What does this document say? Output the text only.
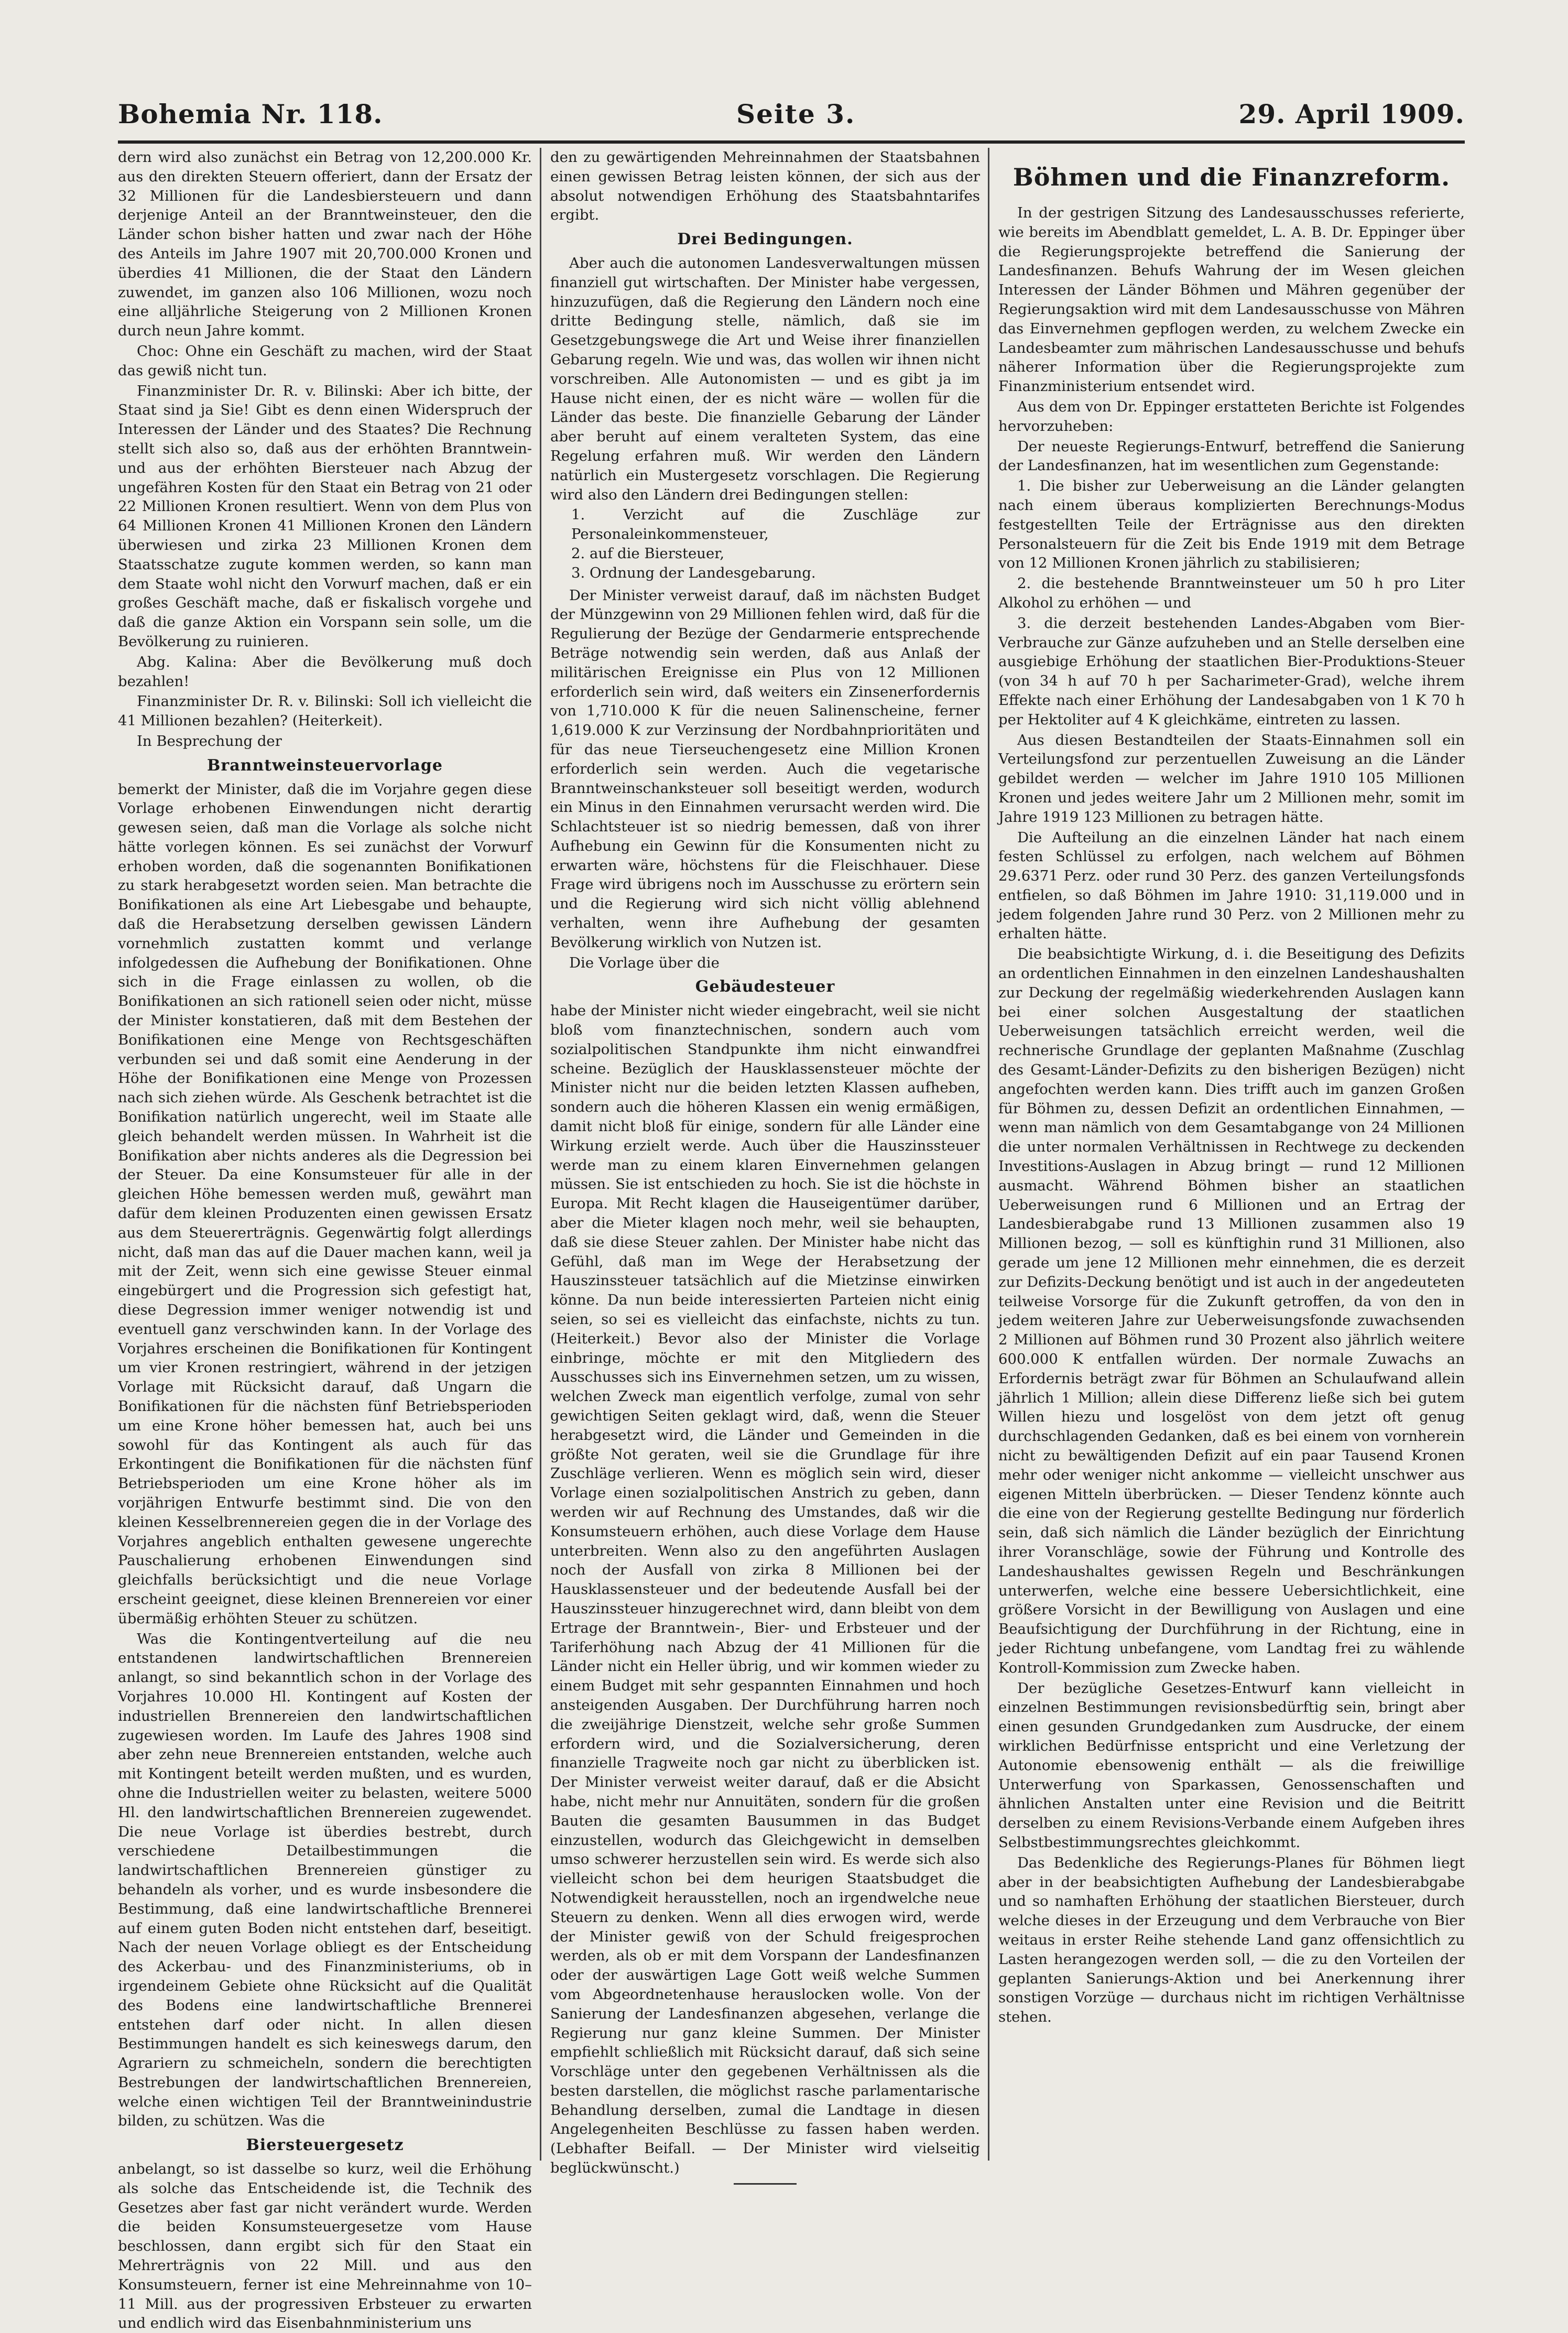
Bohemia Nr. 118.	Seite 3.	29. April 1909.

dern wird also zunächst ein Betrag von 12,200.000 Kr. aus den direkten Steuern offeriert, dann der Ersatz der 32 Millionen für die Landesbiersteuern und dann derjenige Anteil an der Branntweinsteuer, den die Länder schon bisher hatten und zwar nach der Höhe des Anteils im Jahre 1907 mit 20,700.000 Kronen und überdies 41 Millionen, die der Staat den Ländern zuwendet, im ganzen also 106 Millionen, wozu noch eine alljährliche Steigerung von 2 Millionen Kronen durch neun Jahre kommt.

Choc: Ohne ein Geschäft zu machen, wird der Staat das gewiß nicht tun.

Finanzminister Dr. R. v. Bilinski: Aber ich bitte, der Staat sind ja Sie! Gibt es denn einen Widerspruch der Interessen der Länder und des Staates? Die Rechnung stellt sich also so, daß aus der erhöhten Branntwein- und aus der erhöhten Biersteuer nach Abzug der ungefähren Kosten für den Staat ein Betrag von 21 oder 22 Millionen Kronen resultiert. Wenn von dem Plus von 64 Millionen Kronen 41 Millionen Kronen den Ländern überwiesen und zirka 23 Millionen Kronen dem Staatsschatze zugute kommen werden, so kann man dem Staate wohl nicht den Vorwurf machen, daß er ein großes Geschäft mache, daß er fiskalisch vorgehe und daß die ganze Aktion ein Vorspann sein solle, um die Bevölkerung zu ruinieren.

Abg. Kalina: Aber die Bevölkerung muß doch bezahlen!

Finanzminister Dr. R. v. Bilinski: Soll ich vielleicht die 41 Millionen bezahlen? (Heiterkeit).

In Besprechung der

Branntweinsteuervorlage

bemerkt der Minister, daß die im Vorjahre gegen diese Vorlage erhobenen Einwendungen nicht derartig gewesen seien, daß man die Vorlage als solche nicht hätte vorlegen können. Es sei zunächst der Vorwurf erhoben worden, daß die sogenannten Bonifikationen zu stark herabgesetzt worden seien. Man betrachte die Bonifikationen als eine Art Liebesgabe und behaupte, daß die Herabsetzung derselben gewissen Ländern vornehmlich zustatten kommt und verlange infolgedessen die Aufhebung der Bonifikationen. Ohne sich in die Frage einlassen zu wollen, ob die Bonifikationen an sich rationell seien oder nicht, müsse der Minister konstatieren, daß mit dem Bestehen der Bonifikationen eine Menge von Rechtsgeschäften verbunden sei und daß somit eine Aenderung in der Höhe der Bonifikationen eine Menge von Prozessen nach sich ziehen würde. Als Geschenk betrachtet ist die Bonifikation natürlich ungerecht, weil im Staate alle gleich behandelt werden müssen. In Wahrheit ist die Bonifikation aber nichts anderes als die Degression bei der Steuer. Da eine Konsumsteuer für alle in der gleichen Höhe bemessen werden muß, gewährt man dafür dem kleinen Produzenten einen gewissen Ersatz aus dem Steuererträgnis. Gegenwärtig folgt allerdings nicht, daß man das auf die Dauer machen kann, weil ja mit der Zeit, wenn sich eine gewisse Steuer einmal eingebürgert und die Progression sich gefestigt hat, diese Degression immer weniger notwendig ist und eventuell ganz verschwinden kann. In der Vorlage des Vorjahres erscheinen die Bonifikationen für Kontingent um vier Kronen restringiert, während in der jetzigen Vorlage mit Rücksicht darauf, daß Ungarn die Bonifikationen für die nächsten fünf Betriebsperioden um eine Krone höher bemessen hat, auch bei uns sowohl für das Kontingent als auch für das Erkontingent die Bonifikationen für die nächsten fünf Betriebsperioden um eine Krone höher als im vorjährigen Entwurfe bestimmt sind. Die von den kleinen Kesselbrennereien gegen die in der Vorlage des Vorjahres angeblich enthalten gewesene ungerechte Pauschalierung erhobenen Einwendungen sind gleichfalls berücksichtigt und die neue Vorlage erscheint geeignet, diese kleinen Brennereien vor einer übermäßig erhöhten Steuer zu schützen.

Was die Kontingentverteilung auf die neu entstandenen landwirtschaftlichen Brennereien anlangt, so sind bekanntlich schon in der Vorlage des Vorjahres 10.000 Hl. Kontingent auf Kosten der industriellen Brennereien den landwirtschaftlichen zugewiesen worden. Im Laufe des Jahres 1908 sind aber zehn neue Brennereien entstanden, welche auch mit Kontingent beteilt werden mußten, und es wurden, ohne die Industriellen weiter zu belasten, weitere 5000 Hl. den landwirtschaftlichen Brennereien zugewendet. Die neue Vorlage ist überdies bestrebt, durch verschiedene Detailbestimmungen die landwirtschaftlichen Brennereien günstiger zu behandeln als vorher, und es wurde insbesondere die Bestimmung, daß eine landwirtschaftliche Brennerei auf einem guten Boden nicht entstehen darf, beseitigt. Nach der neuen Vorlage obliegt es der Entscheidung des Ackerbau- und des Finanzministeriums, ob in irgendeinem Gebiete ohne Rücksicht auf die Qualität des Bodens eine landwirtschaftliche Brennerei entstehen darf oder nicht. In allen diesen Bestimmungen handelt es sich keineswegs darum, den Agrariern zu schmeicheln, sondern die berechtigten Bestrebungen der landwirtschaftlichen Brennereien, welche einen wichtigen Teil der Branntweinindustrie bilden, zu schützen. Was die

Biersteuergesetz

anbelangt, so ist dasselbe so kurz, weil die Erhöhung als solche das Entscheidende ist, die Technik des Gesetzes aber fast gar nicht verändert wurde. Werden die beiden Konsumsteuergesetze vom Hause beschlossen, dann ergibt sich für den Staat ein Mehrerträgnis von 22 Mill. und aus den Konsumsteuern, ferner ist eine Mehreinnahme von 10–11 Mill. aus der progressiven Erbsteuer zu erwarten und endlich wird das Eisenbahnministerium uns

den zu gewärtigenden Mehreinnahmen der Staatsbahnen einen gewissen Betrag leisten können, der sich aus der absolut notwendigen Erhöhung des Staatsbahntarifes ergibt.

Drei Bedingungen.

Aber auch die autonomen Landesverwaltungen müssen finanziell gut wirtschaften. Der Minister habe vergessen, hinzuzufügen, daß die Regierung den Ländern noch eine dritte Bedingung stelle, nämlich, daß sie im Gesetzgebungswege die Art und Weise ihrer finanziellen Gebarung regeln. Wie und was, das wollen wir ihnen nicht vorschreiben. Alle Autonomisten — und es gibt ja im Hause nicht einen, der es nicht wäre — wollen für die Länder das beste. Die finanzielle Gebarung der Länder aber beruht auf einem veralteten System, das eine Regelung erfahren muß. Wir werden den Ländern natürlich ein Mustergesetz vorschlagen. Die Regierung wird also den Ländern drei Bedingungen stellen:

1. Verzicht auf die Zuschläge zur Personaleinkommensteuer,
2. auf die Biersteuer,
3. Ordnung der Landesgebarung.

Der Minister verweist darauf, daß im nächsten Budget der Münzgewinn von 29 Millionen fehlen wird, daß für die Regulierung der Bezüge der Gendarmerie entsprechende Beträge notwendig sein werden, daß aus Anlaß der militärischen Ereignisse ein Plus von 12 Millionen erforderlich sein wird, daß weiters ein Zinsenerfordernis von 1,710.000 K für die neuen Salinenscheine, ferner 1,619.000 K zur Verzinsung der Nordbahnprioritäten und für das neue Tierseuchengesetz eine Million Kronen erforderlich sein werden. Auch die vegetarische Branntweinschanksteuer soll beseitigt werden, wodurch ein Minus in den Einnahmen verursacht werden wird. Die Schlachtsteuer ist so niedrig bemessen, daß von ihrer Aufhebung ein Gewinn für die Konsumenten nicht zu erwarten wäre, höchstens für die Fleischhauer. Diese Frage wird übrigens noch im Ausschusse zu erörtern sein und die Regierung wird sich nicht völlig ablehnend verhalten, wenn ihre Aufhebung der gesamten Bevölkerung wirklich von Nutzen ist.

Die Vorlage über die

Gebäudesteuer

habe der Minister nicht wieder eingebracht, weil sie nicht bloß vom finanztechnischen, sondern auch vom sozialpolitischen Standpunkte ihm nicht einwandfrei scheine. Bezüglich der Hausklassensteuer möchte der Minister nicht nur die beiden letzten Klassen aufheben, sondern auch die höheren Klassen ein wenig ermäßigen, damit nicht bloß für einige, sondern für alle Länder eine Wirkung erzielt werde. Auch über die Hauszinssteuer werde man zu einem klaren Einvernehmen gelangen müssen. Sie ist entschieden zu hoch. Sie ist die höchste in Europa. Mit Recht klagen die Hauseigentümer darüber, aber die Mieter klagen noch mehr, weil sie behaupten, daß sie diese Steuer zahlen. Der Minister habe nicht das Gefühl, daß man im Wege der Herabsetzung der Hauszinssteuer tatsächlich auf die Mietzinse einwirken könne. Da nun beide interessierten Parteien nicht einig seien, so sei es vielleicht das einfachste, nichts zu tun. (Heiterkeit.) Bevor also der Minister die Vorlage einbringe, möchte er mit den Mitgliedern des Ausschusses sich ins Einvernehmen setzen, um zu wissen, welchen Zweck man eigentlich verfolge, zumal von sehr gewichtigen Seiten geklagt wird, daß, wenn die Steuer herabgesetzt wird, die Länder und Gemeinden in die größte Not geraten, weil sie die Grundlage für ihre Zuschläge verlieren. Wenn es möglich sein wird, dieser Vorlage einen sozialpolitischen Anstrich zu geben, dann werden wir auf Rechnung des Umstandes, daß wir die Konsumsteuern erhöhen, auch diese Vorlage dem Hause unterbreiten. Wenn also zu den angeführten Auslagen noch der Ausfall von zirka 8 Millionen bei der Hausklassensteuer und der bedeutende Ausfall bei der Hauszinssteuer hinzugerechnet wird, dann bleibt von dem Ertrage der Branntwein-, Bier- und Erbsteuer und der Tariferhöhung nach Abzug der 41 Millionen für die Länder nicht ein Heller übrig, und wir kommen wieder zu einem Budget mit sehr gespannten Einnahmen und hoch ansteigenden Ausgaben. Der Durchführung harren noch die zweijährige Dienstzeit, welche sehr große Summen erfordern wird, und die Sozialversicherung, deren finanzielle Tragweite noch gar nicht zu überblicken ist. Der Minister verweist weiter darauf, daß er die Absicht habe, nicht mehr nur Annuitäten, sondern für die großen Bauten die gesamten Bausummen in das Budget einzustellen, wodurch das Gleichgewicht in demselben umso schwerer herzustellen sein wird. Es werde sich also vielleicht schon bei dem heurigen Staatsbudget die Notwendigkeit herausstellen, noch an irgendwelche neue Steuern zu denken. Wenn all dies erwogen wird, werde der Minister gewiß von der Schuld freigesprochen werden, als ob er mit dem Vorspann der Landesfinanzen oder der auswärtigen Lage Gott weiß welche Summen vom Abgeordnetenhause herauslocken wolle. Von der Sanierung der Landesfinanzen abgesehen, verlange die Regierung nur ganz kleine Summen. Der Minister empfiehlt schließlich mit Rücksicht darauf, daß sich seine Vorschläge unter den gegebenen Verhältnissen als die besten darstellen, die möglichst rasche parlamentarische Behandlung derselben, zumal die Landtage in diesen Angelegenheiten Beschlüsse zu fassen haben werden. (Lebhafter Beifall. — Der Minister wird vielseitig beglückwünscht.)

Böhmen und die Finanzreform.

In der gestrigen Sitzung des Landesausschusses referierte, wie bereits im Abendblatt gemeldet, L. A. B. Dr. Eppinger über die Regierungsprojekte betreffend die Sanierung der Landesfinanzen. Behufs Wahrung der im Wesen gleichen Interessen der Länder Böhmen und Mähren gegenüber der Regierungsaktion wird mit dem Landesausschusse von Mähren das Einvernehmen gepflogen werden, zu welchem Zwecke ein Landesbeamter zum mährischen Landesausschusse und behufs näherer Information über die Regierungsprojekte zum Finanzministerium entsendet wird.

Aus dem von Dr. Eppinger erstatteten Berichte ist Folgendes hervorzuheben:

Der neueste Regierungs-Entwurf, betreffend die Sanierung der Landesfinanzen, hat im wesentlichen zum Gegenstande:

1. Die bisher zur Ueberweisung an die Länder gelangten nach einem überaus komplizierten Berechnungs-Modus festgestellten Teile der Erträgnisse aus den direkten Personalsteuern für die Zeit bis Ende 1919 mit dem Betrage von 12 Millionen Kronen jährlich zu stabilisieren;

2. die bestehende Branntweinsteuer um 50 h pro Liter Alkohol zu erhöhen — und

3. die derzeit bestehenden Landes-Abgaben vom Bier-Verbrauche zur Gänze aufzuheben und an Stelle derselben eine ausgiebige Erhöhung der staatlichen Bier-Produktions-Steuer (von 34 h auf 70 h per Sacharimeter-Grad), welche ihrem Effekte nach einer Erhöhung der Landesabgaben von 1 K 70 h per Hektoliter auf 4 K gleichkäme, eintreten zu lassen.

Aus diesen Bestandteilen der Staats-Einnahmen soll ein Verteilungsfond zur perzentuellen Zuweisung an die Länder gebildet werden — welcher im Jahre 1910 105 Millionen Kronen und jedes weitere Jahr um 2 Millionen mehr, somit im Jahre 1919 123 Millionen zu betragen hätte.

Die Aufteilung an die einzelnen Länder hat nach einem festen Schlüssel zu erfolgen, nach welchem auf Böhmen 29.6371 Perz. oder rund 30 Perz. des ganzen Verteilungsfonds entfielen, so daß Böhmen im Jahre 1910: 31,119.000 und in jedem folgenden Jahre rund 30 Perz. von 2 Millionen mehr zu erhalten hätte.

Die beabsichtigte Wirkung, d. i. die Beseitigung des Defizits an ordentlichen Einnahmen in den einzelnen Landeshaushalten zur Deckung der regelmäßig wiederkehrenden Auslagen kann bei einer solchen Ausgestaltung der staatlichen Ueberweisungen tatsächlich erreicht werden, weil die rechnerische Grundlage der geplanten Maßnahme (Zuschlag des Gesamt-Länder-Defizits zu den bisherigen Bezügen) nicht angefochten werden kann. Dies trifft auch im ganzen Großen für Böhmen zu, dessen Defizit an ordentlichen Einnahmen, — wenn man nämlich von dem Gesamtabgange von 24 Millionen die unter normalen Verhältnissen in Rechtwege zu deckenden Investitions-Auslagen in Abzug bringt — rund 12 Millionen ausmacht. Während Böhmen bisher an staatlichen Ueberweisungen rund 6 Millionen und an Ertrag der Landesbierabgabe rund 13 Millionen zusammen also 19 Millionen bezog, — soll es künftighin rund 31 Millionen, also gerade um jene 12 Millionen mehr einnehmen, die es derzeit zur Defizits-Deckung benötigt und ist auch in der angedeuteten teilweise Vorsorge für die Zukunft getroffen, da von den in jedem weiteren Jahre zur Ueberweisungsfonde zuwachsenden 2 Millionen auf Böhmen rund 30 Prozent also jährlich weitere 600.000 K entfallen würden. Der normale Zuwachs an Erfordernis beträgt zwar für Böhmen an Schulaufwand allein jährlich 1 Million; allein diese Differenz ließe sich bei gutem Willen hiezu und losgelöst von dem jetzt oft genug durchschlagenden Gedanken, daß es bei einem von vornherein nicht zu bewältigenden Defizit auf ein paar Tausend Kronen mehr oder weniger nicht ankomme — vielleicht unschwer aus eigenen Mitteln überbrücken. — Dieser Tendenz könnte auch die eine von der Regierung gestellte Bedingung nur förderlich sein, daß sich nämlich die Länder bezüglich der Einrichtung ihrer Voranschläge, sowie der Führung und Kontrolle des Landeshaushaltes gewissen Regeln und Beschränkungen unterwerfen, welche eine bessere Uebersichtlichkeit, eine größere Vorsicht in der Bewilligung von Auslagen und eine Beaufsichtigung der Durchführung in der Richtung, eine in jeder Richtung unbefangene, vom Landtag frei zu wählende Kontroll-Kommission zum Zwecke haben.

Der bezügliche Gesetzes-Entwurf kann vielleicht in einzelnen Bestimmungen revisionsbedürftig sein, bringt aber einen gesunden Grundgedanken zum Ausdrucke, der einem wirklichen Bedürfnisse entspricht und eine Verletzung der Autonomie ebensowenig enthält — als die freiwillige Unterwerfung von Sparkassen, Genossenschaften und ähnlichen Anstalten unter eine Revision und die Beitritt derselben zu einem Revisions-Verbande einem Aufgeben ihres Selbstbestimmungsrechtes gleichkommt.

Das Bedenkliche des Regierungs-Planes für Böhmen liegt aber in der beabsichtigten Aufhebung der Landesbierabgabe und so namhaften Erhöhung der staatlichen Biersteuer, durch welche dieses in der Erzeugung und dem Verbrauche von Bier weitaus in erster Reihe stehende Land ganz offensichtlich zu Lasten herangezogen werden soll, — die zu den Vorteilen der geplanten Sanierungs-Aktion und bei Anerkennung ihrer sonstigen Vorzüge — durchaus nicht im richtigen Verhältnisse stehen.
